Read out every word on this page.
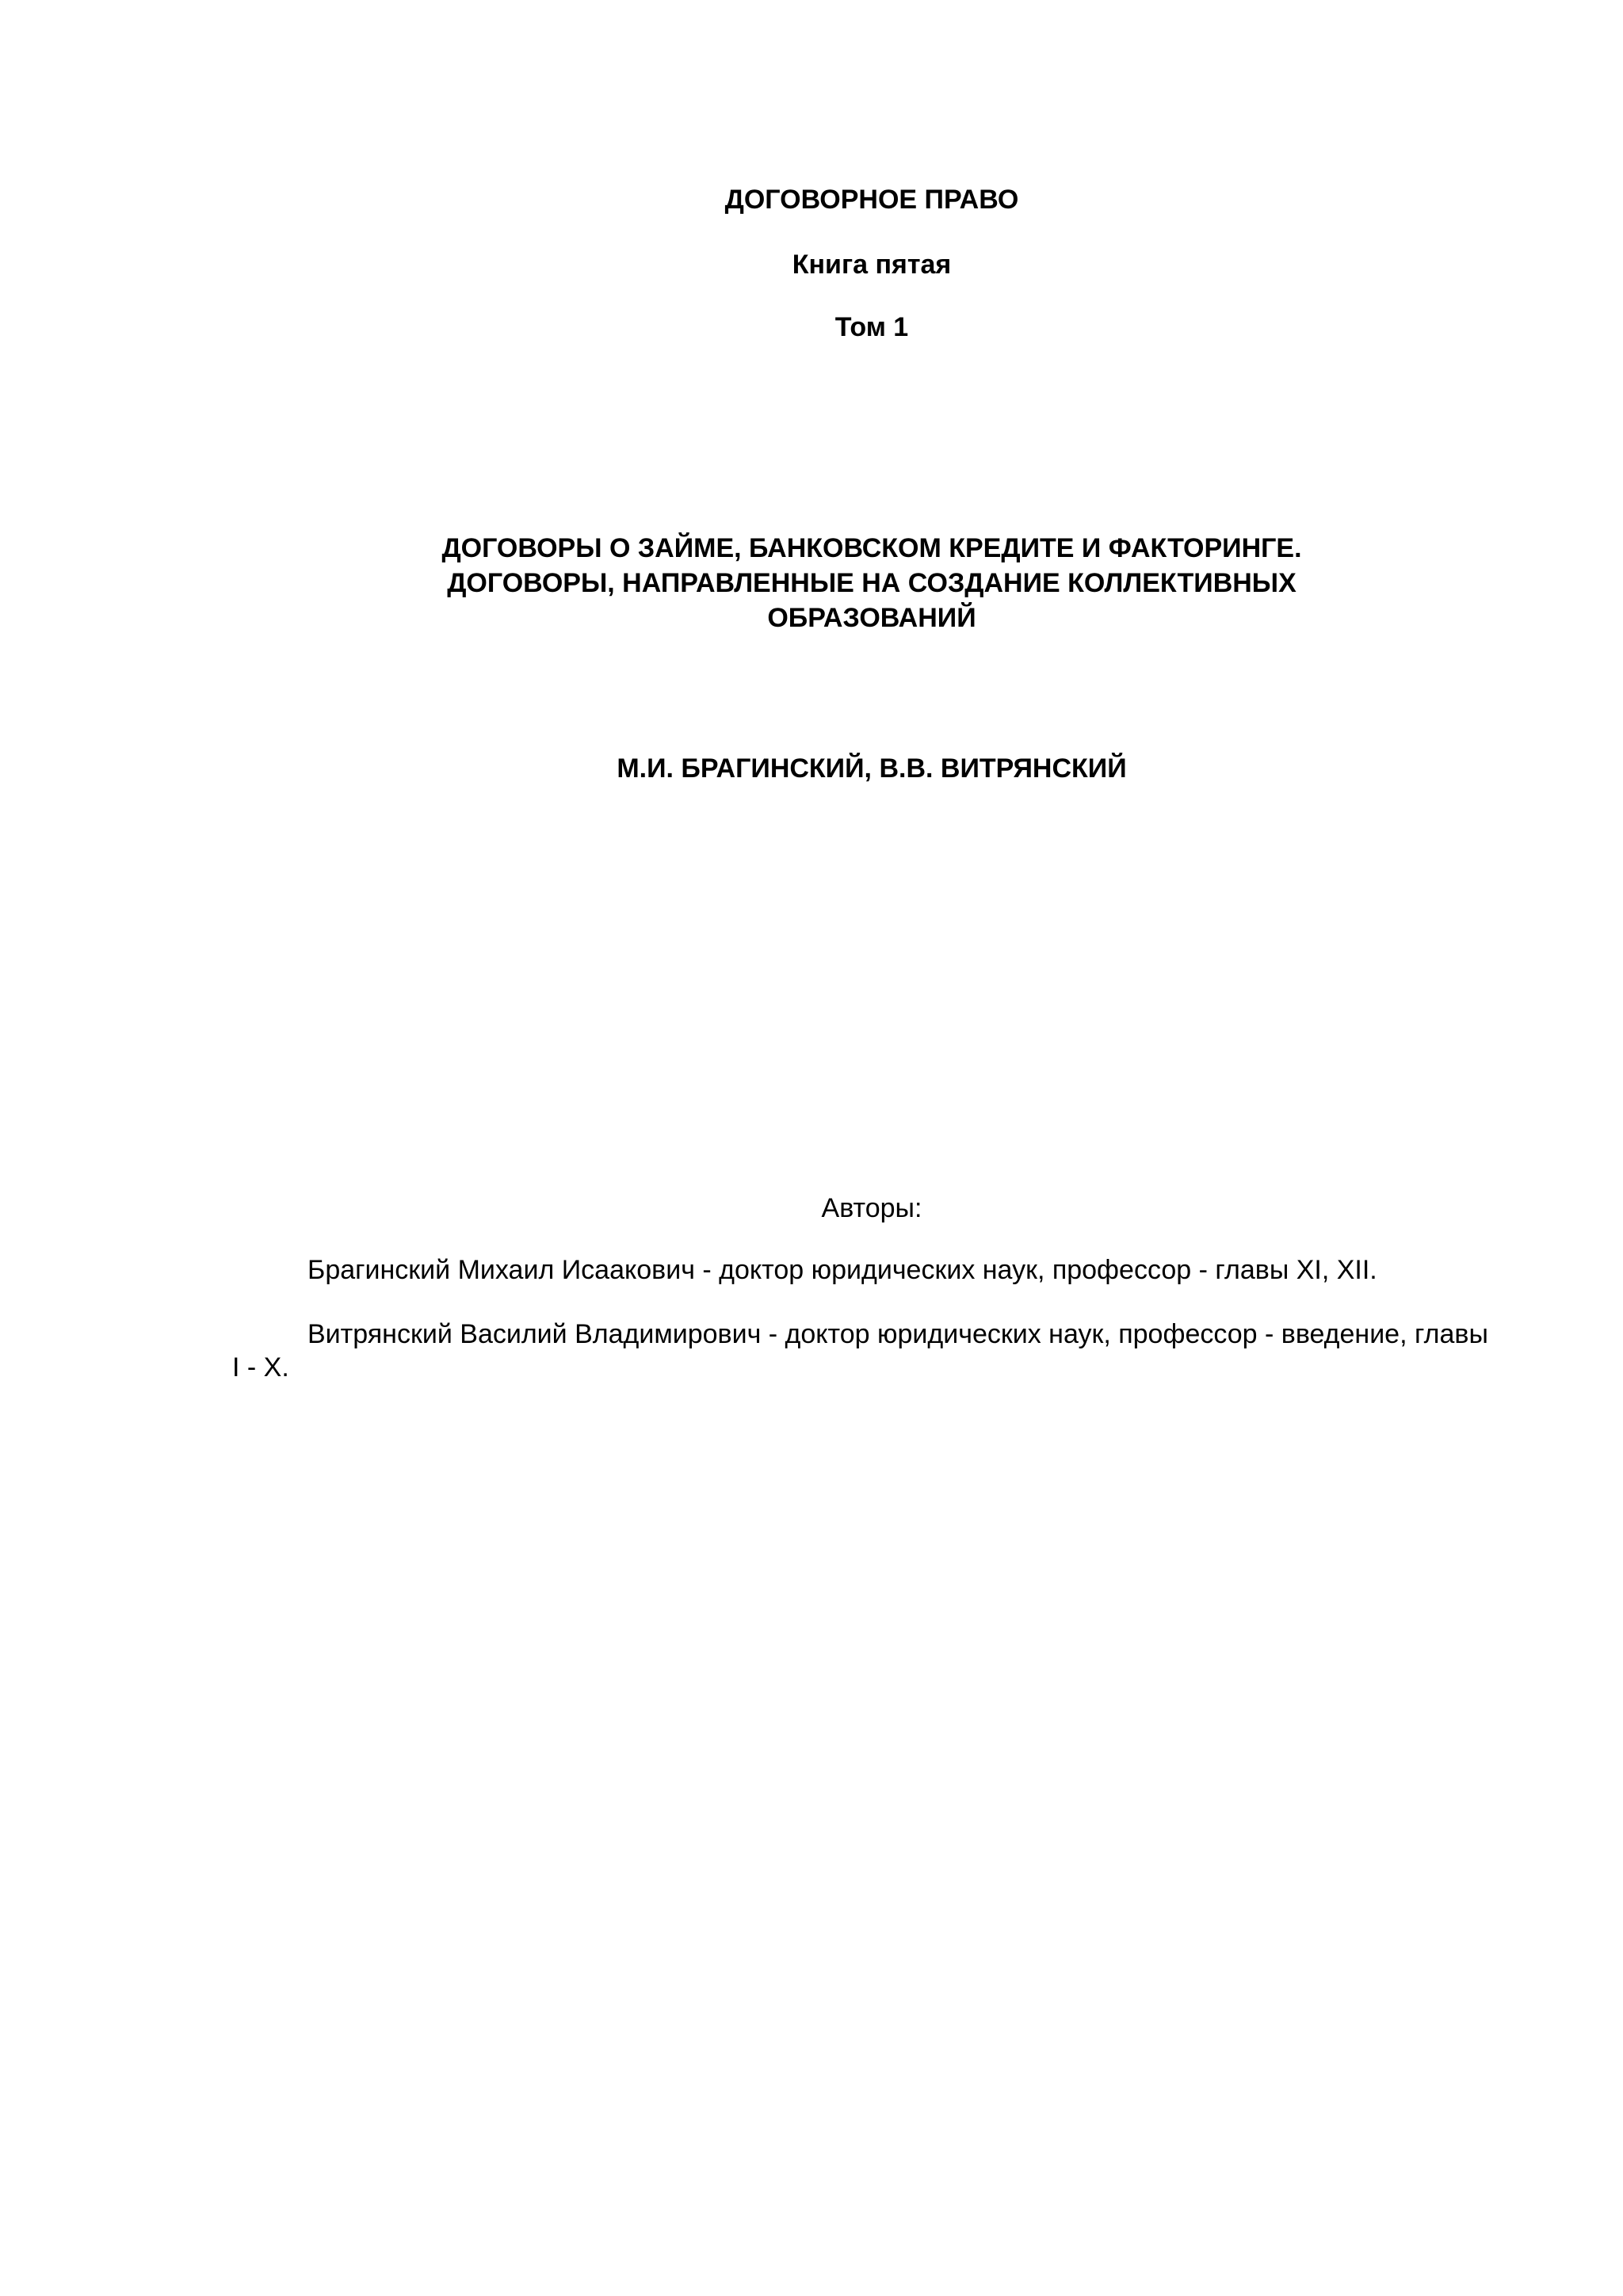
ДОГОВОРНОЕ ПРАВО
Книга пятая
Том 1
ДОГОВОРЫ О ЗАЙМЕ, БАНКОВСКОМ КРЕДИТЕ И ФАКТОРИНГЕ.
ДОГОВОРЫ, НАПРАВЛЕННЫЕ НА СОЗДАНИЕ КОЛЛЕКТИВНЫХ
ОБРАЗОВАНИЙ
М.И. БРАГИНСКИЙ, В.В. ВИТРЯНСКИЙ
Авторы:
Брагинский Михаил Исаакович - доктор юридических наук, профессор - главы XI, XII.
Витрянский Василий Владимирович - доктор юридических наук, профессор - введение, главы
I - X.
